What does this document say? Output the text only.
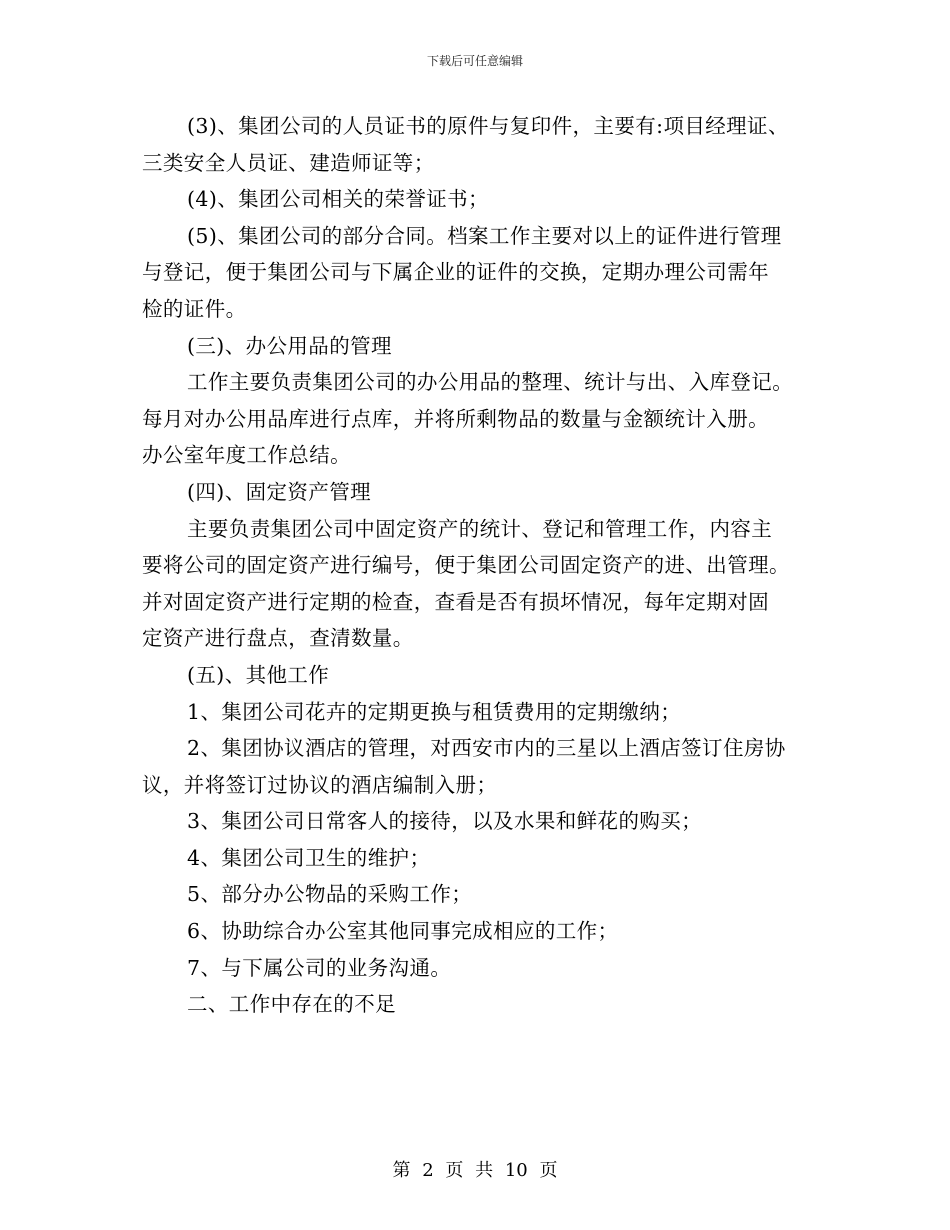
下载后可任意编辑
(3)、集团公司的人员证书的原件与复印件，主要有:项目经理证、
三类安全人员证、建造师证等；
(4)、集团公司相关的荣誉证书；
(5)、集团公司的部分合同。档案工作主要对以上的证件进行管理
与登记，便于集团公司与下属企业的证件的交换，定期办理公司需年
检的证件。
(三)、办公用品的管理
工作主要负责集团公司的办公用品的整理、统计与出、入库登记。
每月对办公用品库进行点库，并将所剩物品的数量与金额统计入册。
办公室年度工作总结。
(四)、固定资产管理
主要负责集团公司中固定资产的统计、登记和管理工作，内容主
要将公司的固定资产进行编号，便于集团公司固定资产的进、出管理。
并对固定资产进行定期的检查，查看是否有损坏情况，每年定期对固
定资产进行盘点，查清数量。
(五)、其他工作
1、集团公司花卉的定期更换与租赁费用的定期缴纳；
2、集团协议酒店的管理，对西安市内的三星以上酒店签订住房协
议，并将签订过协议的酒店编制入册；
3、集团公司日常客人的接待，以及水果和鲜花的购买；
4、集团公司卫生的维护；
5、部分办公物品的采购工作；
6、协助综合办公室其他同事完成相应的工作；
7、与下属公司的业务沟通。
二、工作中存在的不足
第 2 页 共 10 页
